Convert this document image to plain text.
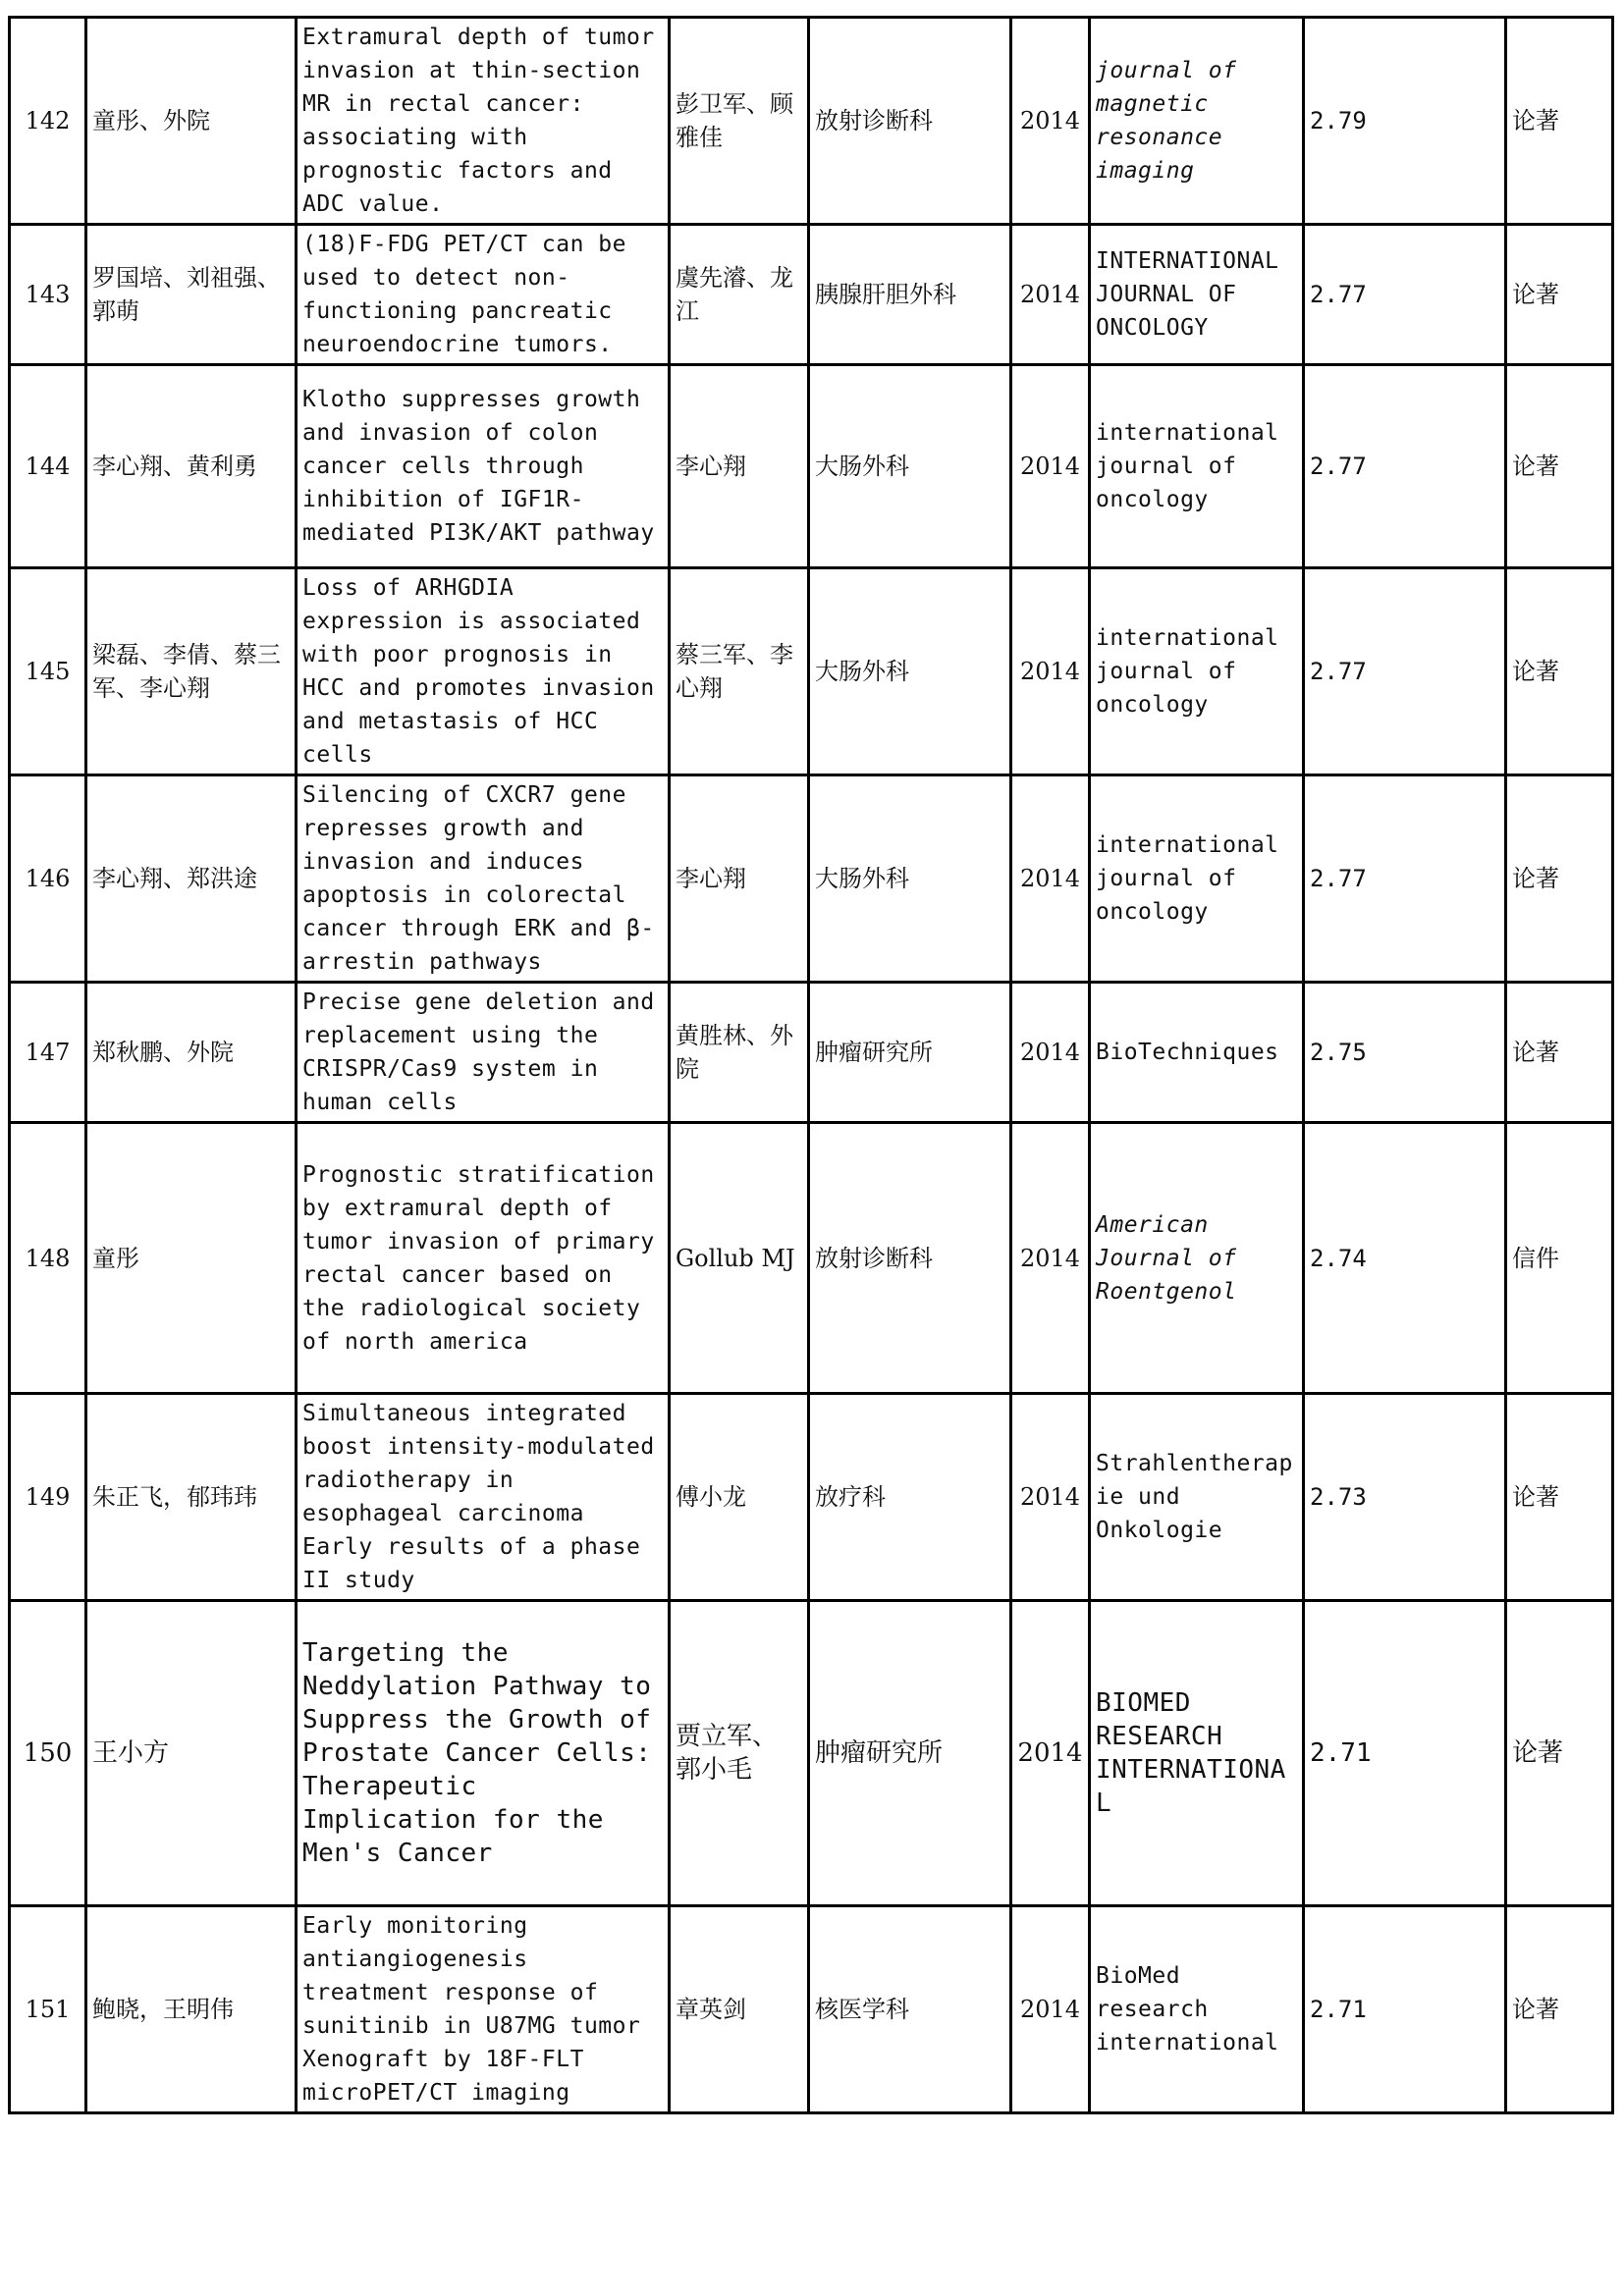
142	童彤、外院	Extramural depth of tumor invasion at thin-section MR in rectal cancer: associating with prognostic factors and ADC value.	彭卫军、顾雅佳	放射诊断科	2014	journal of magnetic resonance imaging	2.79	论著
143	罗国培、刘祖强、郭萌	(18)F-FDG PET/CT can be used to detect non-functioning pancreatic neuroendocrine tumors.	虞先濬、龙江	胰腺肝胆外科	2014	INTERNATIONAL JOURNAL OF ONCOLOGY	2.77	论著
144	李心翔、黄利勇	Klotho suppresses growth and invasion of colon cancer cells through inhibition of IGF1R-mediated PI3K/AKT pathway	李心翔	大肠外科	2014	international journal of oncology	2.77	论著
145	梁磊、李倩、蔡三军、李心翔	Loss of ARHGDIA expression is associated with poor prognosis in HCC and promotes invasion and metastasis of HCC cells	蔡三军、李心翔	大肠外科	2014	international journal of oncology	2.77	论著
146	李心翔、郑洪途	Silencing of CXCR7 gene represses growth and invasion and induces apoptosis in colorectal cancer through ERK and β-arrestin pathways	李心翔	大肠外科	2014	international journal of oncology	2.77	论著
147	郑秋鹏、外院	Precise gene deletion and replacement using the CRISPR/Cas9 system in human cells	黄胜林、外院	肿瘤研究所	2014	BioTechniques	2.75	论著
148	童彤	Prognostic stratification by extramural depth of tumor invasion of primary rectal cancer based on the radiological society of north america	Gollub MJ	放射诊断科	2014	American Journal of Roentgenol	2.74	信件
149	朱正飞，郁玮玮	Simultaneous integrated boost intensity-modulated radiotherapy in esophageal carcinoma Early results of a phase II study	傅小龙	放疗科	2014	Strahlentherapie und Onkologie	2.73	论著
150	王小方	Targeting the Neddylation Pathway to Suppress the Growth of Prostate Cancer Cells: Therapeutic Implication for the Men's Cancer	贾立军、郭小毛	肿瘤研究所	2014	BIOMED RESEARCH INTERNATIONAL	2.71	论著
151	鲍晓，王明伟	Early monitoring antiangiogenesis treatment response of sunitinib in U87MG tumor Xenograft by 18F-FLT microPET/CT imaging	章英剑	核医学科	2014	BioMed research international	2.71	论著
